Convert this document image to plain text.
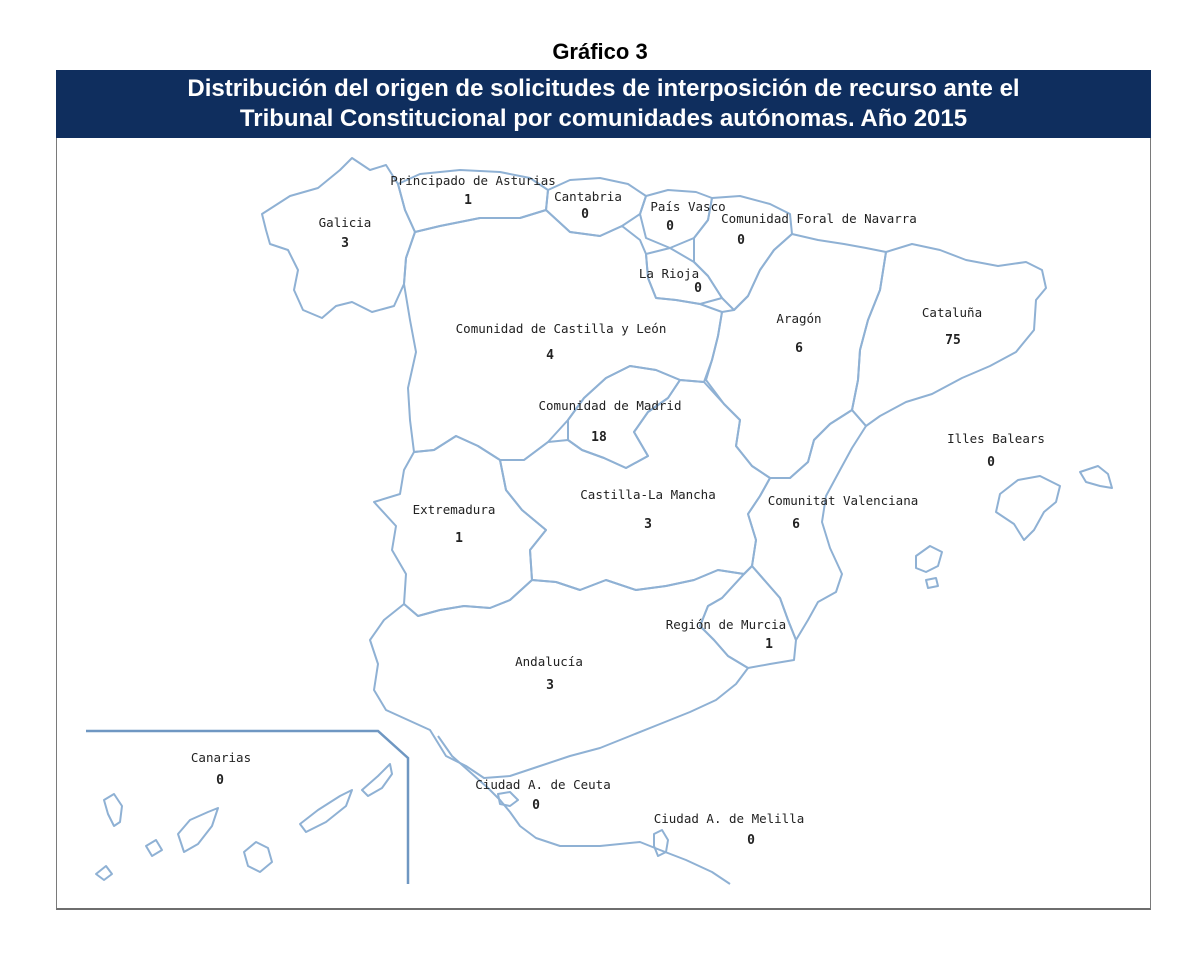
Gráfico 3
Distribución del origen de solicitudes de interposición de recurso ante el
Tribunal Constitucional por comunidades autónomas. Año 2015
Principado de Asturias
1	Cantabria
0
País Vasco
0
Comunidad Foral de Navarra
0
Galicia
3
La Rioja
0
Comunidad de Castilla y León
4
Aragón
6
Cataluña
75
Comunidad de Madrid
18	Illes Balears
0
Extremadura
1
Castilla-La Mancha
3
Comunitat Valenciana
6
Región de Murcia
1
Andalucía
3
Canarias
0	Ciudad A. de Ceuta
0
Ciudad A. de Melilla
0
